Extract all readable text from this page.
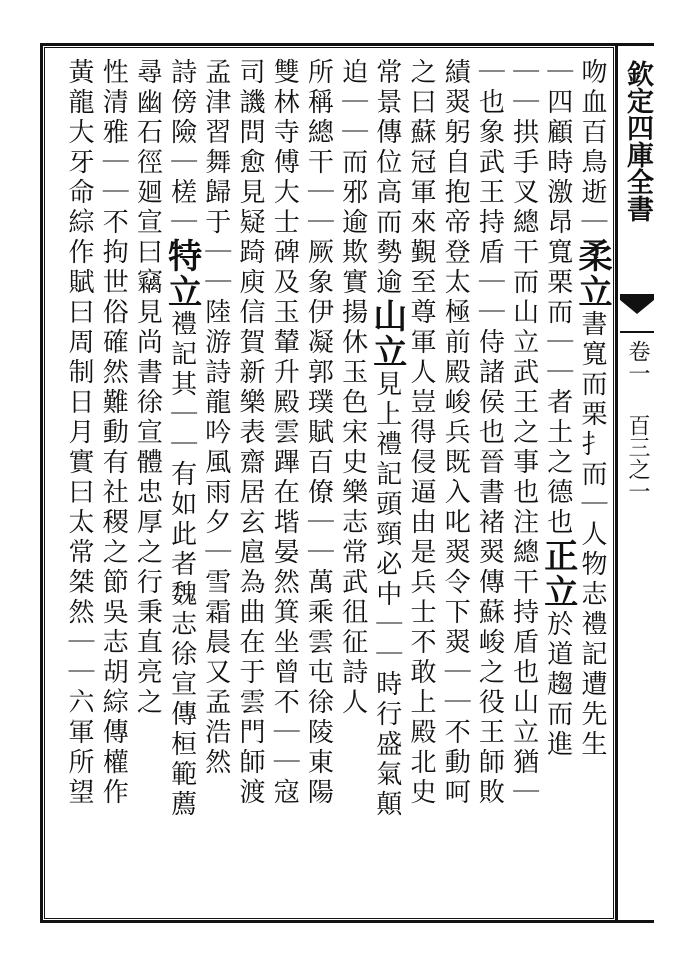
欽定四庫全書
卷一
百三之一
吻血百鳥逝｜柔立書寬而栗扌而｜人物志禮記遭先生
｜四顧時激昂寬栗而｜｜者土之德也正立於道趨而進
｜｜拱手叉總干而山立武王之事也注總干持盾也山立猶｜
｜也象武王持盾｜｜侍諸侯也晉書褚翜傳蘇峻之役王師敗
績翜躬自抱帝登太極前殿峻兵既入叱翜令下翜｜｜不動呵
之曰蘇冠軍來覲至尊軍人豈得侵逼由是兵士不敢上殿北史
常景傳位高而勢逾山立見上禮記頭頸必中｜｜時行盛氣顛
迫｜｜而邪逾欺實揚休玉色宋史樂志常武徂征詩人
所稱總干｜｜厥象伊凝郭璞賦百僚｜｜萬乘雲屯徐陵東陽
雙林寺傅大士碑及玉輦升殿雲蹕在堦晏然箕坐曾不｜｜寇
司譏問愈見疑踦庾信賀新樂表齋居玄扈為曲在于雲門師渡
孟津習舞歸于｜｜陸游詩龍吟風雨夕｜雪霜晨又孟浩然
詩傍險｜槎｜特立禮記其｜｜有如此者魏志徐宣傳桓範薦
尋幽石徑廻宣曰竊見尚書徐宣體忠厚之行秉直亮之
性清雅｜｜不拘世俗確然難動有社稷之節吳志胡綜傳權作
黃龍大牙命綜作賦曰周制日月實曰太常桀然｜｜六軍所望
